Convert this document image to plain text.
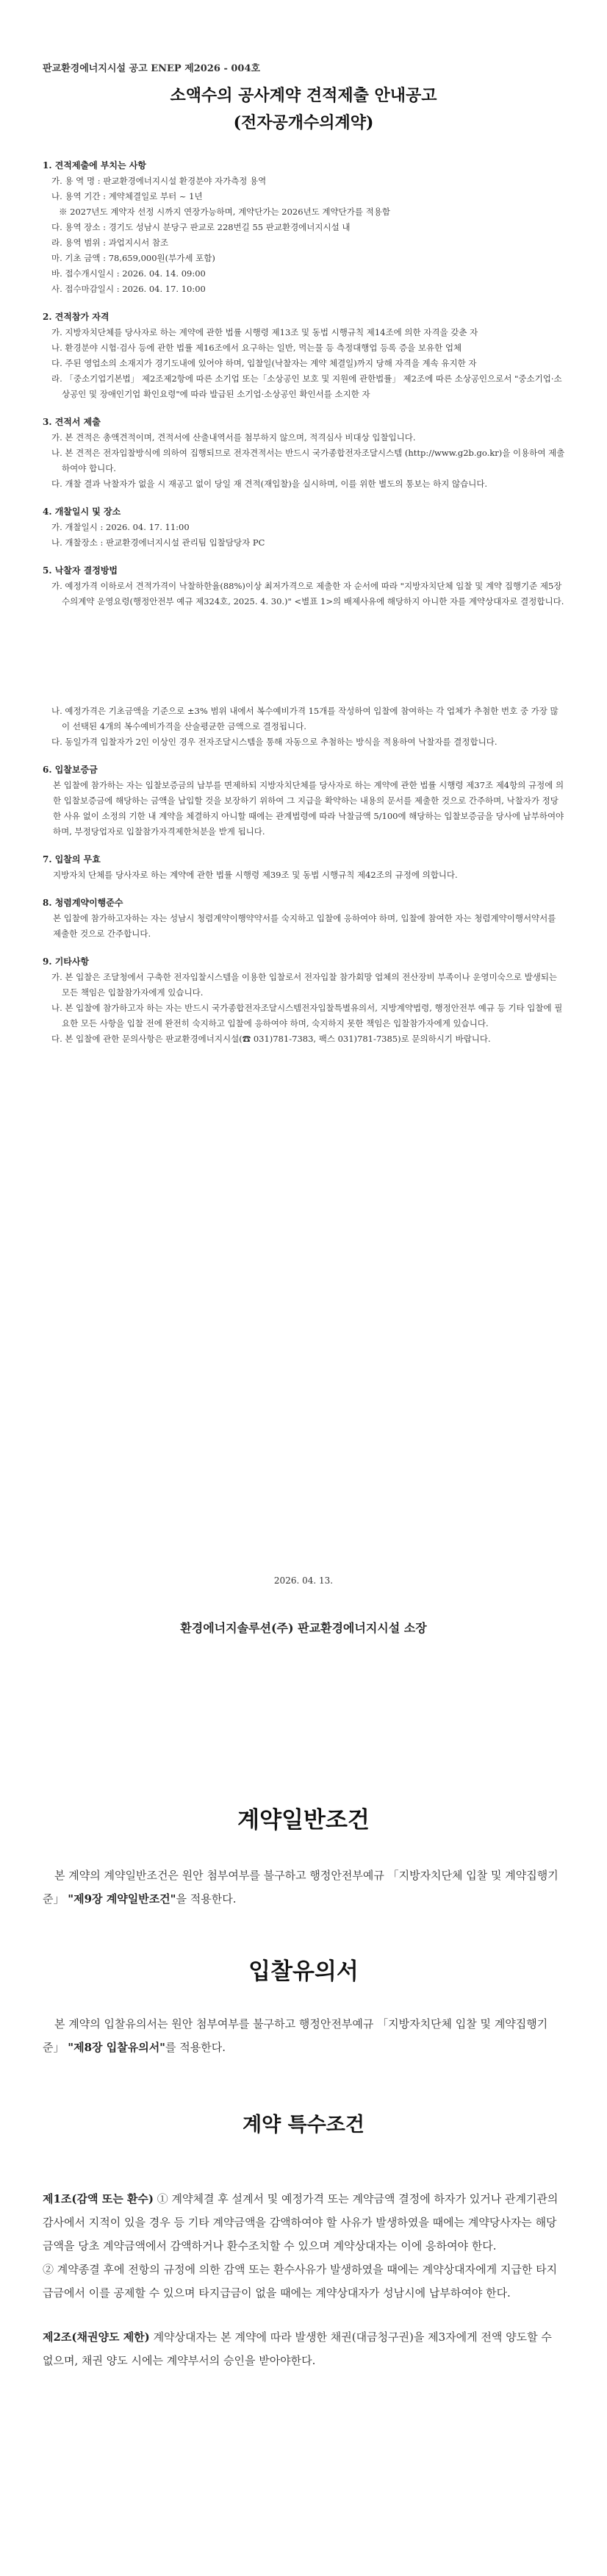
판교환경에너지시설 공고 ENEP 제2026 - 004호
소액수의 공사계약 견적제출 안내공고
(전자공개수의계약)
1. 견적제출에 부치는 사항

가. 용 역 명 : 판교환경에너지시설 환경분야 자가측정 용역

나. 용역 기간 : 계약체결일로 부터 ~ 1년

※ 2027년도 계약자 선정 시까지 연장가능하며, 계약단가는 2026년도 계약단가를 적용함

다. 용역 장소 : 경기도 성남시 분당구 판교로 228번길 55 판교환경에너지시설 내

라. 용역 범위 : 과업지시서 참조

마. 기초 금액 : 78,659,000원(부가세 포함)

바. 접수개시일시 : 2026. 04. 14. 09:00

사. 접수마감일시 : 2026. 04. 17. 10:00

2. 견적참가 자격

가. 지방자치단체를 당사자로 하는 계약에 관한 법률 시행령 제13조 및 동법 시행규칙 제14조에 의한 자격을 갖춘 자

나. 환경분야 시험·검사 등에 관한 법률 제16조에서 요구하는 일반, 먹는물 등 측정대행업 등록 증을 보유한 업체

다. 주된 영업소의 소재지가 경기도내에 있어야 하며, 입찰일(낙찰자는 계약 체결일)까지 당해 자격을 계속 유지한 자

라. 「중소기업기본법」 제2조제2항에 따른 소기업 또는「소상공인 보호 및 지원에 관한법률」 제2조에 따른 소상공인으로서 "중소기업·소상공인 및 장애인기업 확인요령"에 따라 발급된 소기업·소상공인 확인서를 소지한 자

3. 견적서 제출

가. 본 견적은 총액견적이며, 견적서에 산출내역서를 첨부하지 않으며, 적격심사 비대상 입찰입니다.

나. 본 견적은 전자입찰방식에 의하여 집행되므로 전자견적서는 반드시 국가종합전자조달시스템 (http://www.g2b.go.kr)을 이용하여 제출하여야 합니다.

다. 개찰 결과 낙찰자가 없을 시 재공고 없이 당일 재 견적(재입찰)을 실시하며, 이를 위한 별도의 통보는 하지 않습니다.

4. 개찰일시 및 장소

가. 개찰일시 : 2026. 04. 17. 11:00

나. 개찰장소 : 판교환경에너지시설 관리팀 입찰담당자 PC

5. 낙찰자 결정방법

가. 예정가격 이하로서 견적가격이 낙찰하한율(88%)이상 최저가격으로 제출한 자 순서에 따라 "지방자치단체 입찰 및 계약 집행기준 제5장 수의계약 운영요령(행정안전부 예규 제324호, 2025. 4. 30.)" <별표 1>의 배제사유에 해당하지 아니한 자를 계약상대자로 결정합니다.

나. 예정가격은 기초금액을 기준으로 ±3% 범위 내에서 복수예비가격 15개를 작성하여 입찰에 참여하는 각 업체가 추첨한 번호 중 가장 많이 선택된 4개의 복수예비가격을 산술평균한 금액으로 결정됩니다.

다. 동일가격 입찰자가 2인 이상인 경우 전자조달시스템을 통해 자동으로 추첨하는 방식을 적용하여 낙찰자를 결정합니다.

6. 입찰보증금

본 입찰에 참가하는 자는 입찰보증금의 납부를 면제하되 지방자치단체를 당사자로 하는 계약에 관한 법률 시행령 제37조 제4항의 규정에 의한 입찰보증금에 해당하는 금액을 납입할 것을 보장하기 위하여 그 지급을 확약하는 내용의 문서를 제출한 것으로 간주하며, 낙찰자가 정당한 사유 없이 소정의 기한 내 계약을 체결하지 아니할 때에는 관계법령에 따라 낙찰금액 5/100에 해당하는 입찰보증금을 당사에 납부하여야 하며, 부정당업자로 입찰참가자격제한처분을 받게 됩니다.

7. 입찰의 무효

지방자치 단체를 당사자로 하는 계약에 관한 법률 시행령 제39조 및 동법 시행규칙 제42조의 규정에 의합니다.

8. 청렴계약이행준수

본 입찰에 참가하고자하는 자는 성남시 청렴계약이행약약서를 숙지하고 입찰에 응하여야 하며, 입찰에 참여한 자는 청렴계약이행서약서를 제출한 것으로 간주합니다.

9. 기타사항

가. 본 입찰은 조달청에서 구축한 전자입찰시스템을 이용한 입찰로서 전자입찰 참가회망 업체의 전산장비 부족이나 운영미숙으로 발생되는 모든 책임은 입찰참가자에게 있습니다.

나. 본 입찰에 참가하고자 하는 자는 반드시 국가종합전자조달시스템전자입찰특별유의서, 지방계약법령, 행정안전부 예규 등 기타 입찰에 필요한 모든 사항을 입찰 전에 완전히 숙지하고 입찰에 응하여야 하며, 숙지하지 못한 책임은 입찰참가자에게 있습니다.

다. 본 입찰에 관한 문의사항은 판교환경에너지시설(☎ 031)781-7383, 팩스 031)781-7385)로 문의하시기 바랍니다.

2026. 04. 13.
환경에너지솔루션(주) 판교환경에너지시설 소장
계약일반조건

본 계약의 계약일반조건은 원안 첨부여부를 불구하고 행정안전부예규 「지방자치단체 입찰 및 계약집행기준」 "제9장 계약일반조건"을 적용한다.

입찰유의서

본 계약의 입찰유의서는 원안 첨부여부를 불구하고 행정안전부예규 「지방자치단체 입찰 및 계약집행기준」 "제8장 입찰유의서"를 적용한다.

계약 특수조건

제1조(감액 또는 환수) ① 계약체결 후 설계서 및 예정가격 또는 계약금액 결정에 하자가 있거나 관계기관의 감사에서 지적이 있을 경우 등 기타 계약금액을 감액하여야 할 사유가 발생하였을 때에는 계약당사자는 해당금액을 당초 계약금액에서 감액하거나 환수조치할 수 있으며 계약상대자는 이에 응하여야 한다.

② 계약종결 후에 전항의 규정에 의한 감액 또는 환수사유가 발생하였을 때에는 계약상대자에게 지급한 타지급금에서 이를 공제할 수 있으며 타지급금이 없을 때에는 계약상대자가 성남시에 납부하여야 한다.

제2조(채권양도 제한) 계약상대자는 본 계약에 따라 발생한 채권(대금청구권)을 제3자에게 전액 양도할 수 없으며, 채권 양도 시에는 계약부서의 승인을 받아야한다.
